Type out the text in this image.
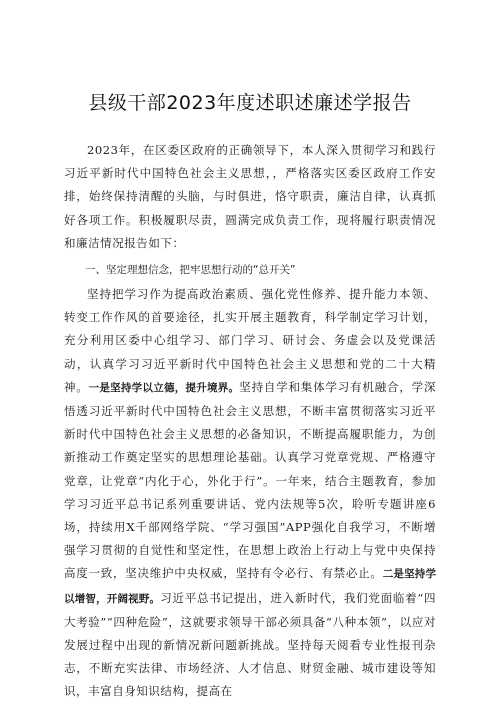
县级干部2023年度述职述廉述学报告

2023年，在区委区政府的正确领导下，本人深入贯彻学习和践行习近平新时代中国特色社会主义思想，，严格落实区委区政府工作安排，始终保持清醒的头脑，与时俱进，恪守职责，廉洁自律，认真抓好各项工作。积极履职尽责，圆满完成负责工作，现将履行职责情况和廉洁情况报告如下：

一、坚定理想信念，把牢思想行动的“总开关”

坚持把学习作为提高政治素质、强化党性修养、提升能力本领、转变工作作风的首要途径，扎实开展主题教育，科学制定学习计划，充分利用区委中心组学习、部门学习、研讨会、务虚会以及党课活动，认真学习习近平新时代中国特色社会主义思想和党的二十大精神。一是坚持学以立德，提升境界。坚持自学和集体学习有机融合，学深悟透习近平新时代中国特色社会主义思想，不断丰富贯彻落实习近平新时代中国特色社会主义思想的必备知识，不断提高履职能力，为创新推动工作奠定坚实的思想理论基础。认真学习党章党规、严格遵守党章，让党章“内化于心，外化于行”。一年来，结合主题教育，参加学习习近平总书记系列重要讲话、党内法规等5次，聆听专题讲座6场，持续用X千部网络学院、“学习强国”APP强化自我学习，不断增强学习贯彻的自觉性和坚定性，在思想上政治上行动上与党中央保持高度一致，坚决维护中央权威，坚持有令必行、有禁必止。二是坚持学以增智，开阔视野。习近平总书记提出，进入新时代，我们党面临着“四大考验”“四种危险”，这就要求领导干部必须具备“八种本领”，以应对发展过程中出现的新情况新问题新挑战。坚持每天阅看专业性报刊杂志，不断充实法律、市场经济、人才信息、财贸金融、城市建设等知识，丰富自身知识结构，提高在
